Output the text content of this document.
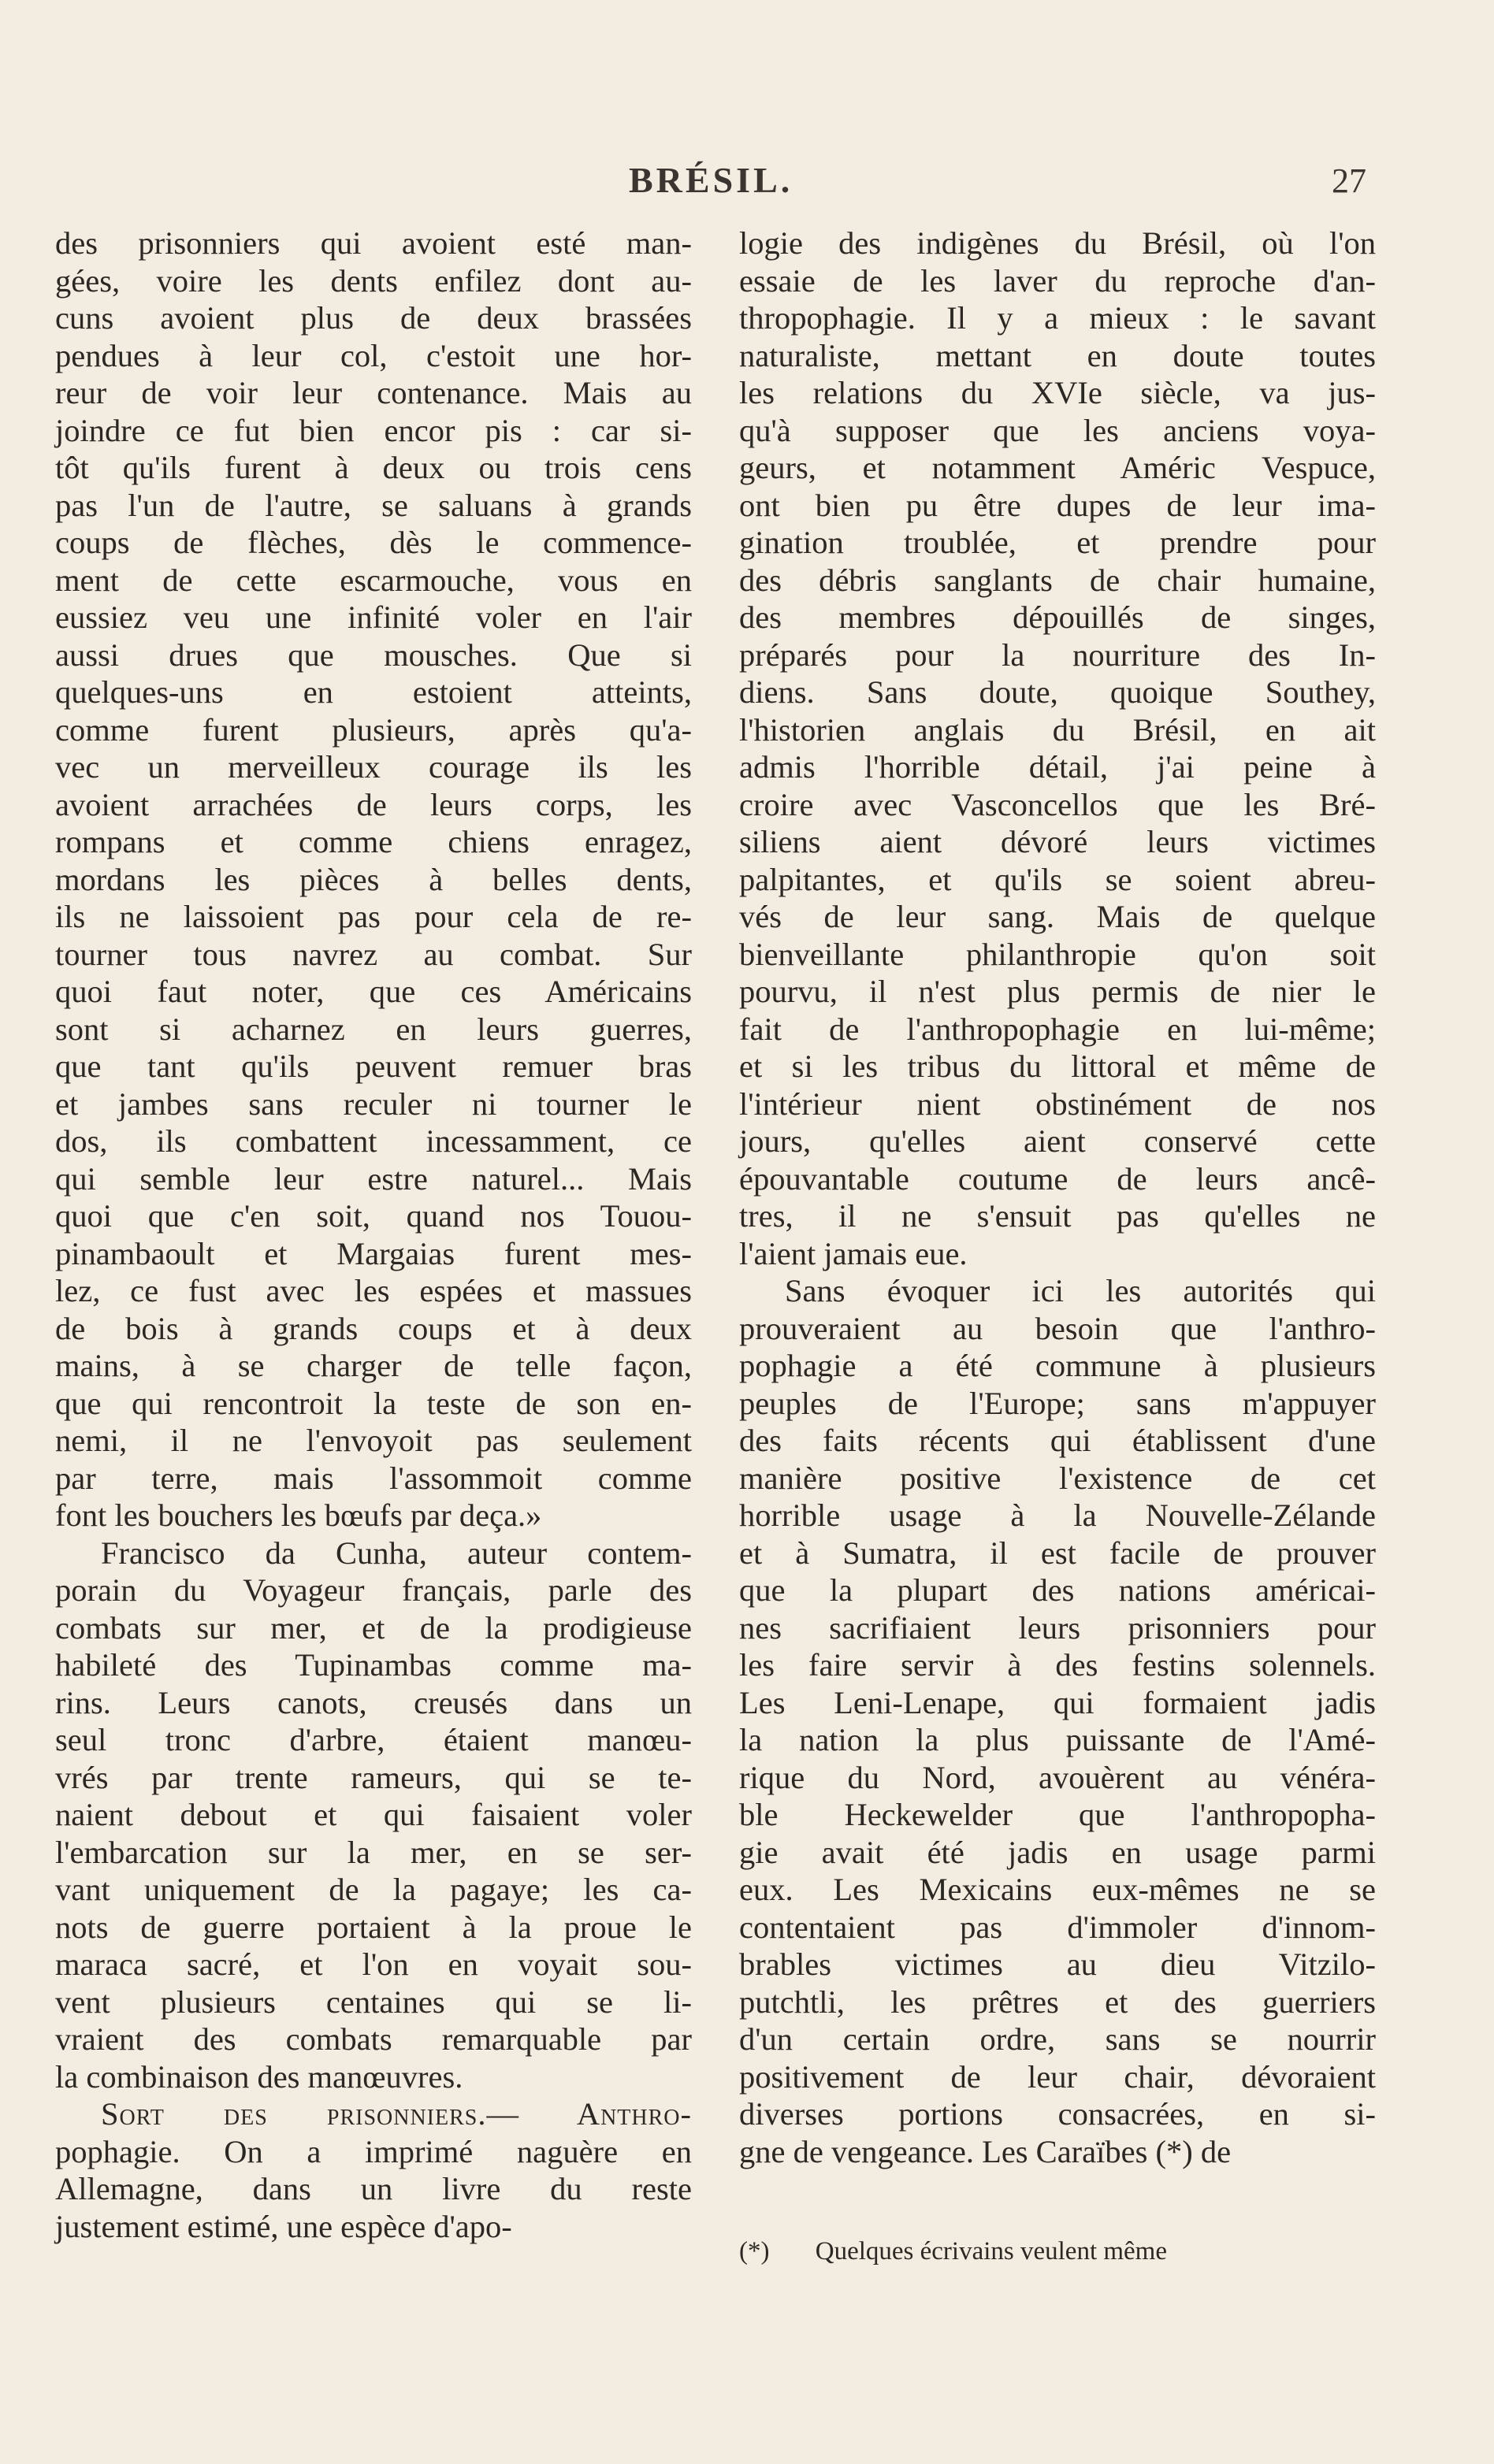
BRÉSIL.	27
des prisonniers qui avoient esté man-
gées, voire les dents enfilez dont au-
cuns avoient plus de deux brassées
pendues à leur col, c'estoit une hor-
reur de voir leur contenance. Mais au
joindre ce fut bien encor pis : car si-
tôt qu'ils furent à deux ou trois cens
pas l'un de l'autre, se saluans à grands
coups de flèches, dès le commence-
ment de cette escarmouche, vous en
eussiez veu une infinité voler en l'air
aussi drues que mousches. Que si
quelques-uns en estoient atteints,
comme furent plusieurs, après qu'a-
vec un merveilleux courage ils les
avoient arrachées de leurs corps, les
rompans et comme chiens enragez,
mordans les pièces à belles dents,
ils ne laissoient pas pour cela de re-
tourner tous navrez au combat. Sur
quoi faut noter, que ces Américains
sont si acharnez en leurs guerres,
que tant qu'ils peuvent remuer bras
et jambes sans reculer ni tourner le
dos, ils combattent incessamment, ce
qui semble leur estre naturel... Mais
quoi que c'en soit, quand nos Touou-
pinambaoult et Margaias furent mes-
lez, ce fust avec les espées et massues
de bois à grands coups et à deux
mains, à se charger de telle façon,
que qui rencontroit la teste de son en-
nemi, il ne l'envoyoit pas seulement
par terre, mais l'assommoit comme
font les bouchers les bœufs par deça.»
Francisco da Cunha, auteur contem-
porain du Voyageur français, parle des
combats sur mer, et de la prodigieuse
habileté des Tupinambas comme ma-
rins. Leurs canots, creusés dans un
seul tronc d'arbre, étaient manœu-
vrés par trente rameurs, qui se te-
naient debout et qui faisaient voler
l'embarcation sur la mer, en se ser-
vant uniquement de la pagaye; les ca-
nots de guerre portaient à la proue le
maraca sacré, et l'on en voyait sou-
vent plusieurs centaines qui se li-
vraient des combats remarquable par
la combinaison des manœuvres.
Sort des prisonniers.— Anthro-
pophagie. On a imprimé naguère en
Allemagne, dans un livre du reste
justement estimé, une espèce d'apo-
logie des indigènes du Brésil, où l'on
essaie de les laver du reproche d'an-
thropophagie. Il y a mieux : le savant
naturaliste, mettant en doute toutes
les relations du XVIe siècle, va jus-
qu'à supposer que les anciens voya-
geurs, et notamment Améric Vespuce,
ont bien pu être dupes de leur ima-
gination troublée, et prendre pour
des débris sanglants de chair humaine,
des membres dépouillés de singes,
préparés pour la nourriture des In-
diens. Sans doute, quoique Southey,
l'historien anglais du Brésil, en ait
admis l'horrible détail, j'ai peine à
croire avec Vasconcellos que les Bré-
siliens aient dévoré leurs victimes
palpitantes, et qu'ils se soient abreu-
vés de leur sang. Mais de quelque
bienveillante philanthropie qu'on soit
pourvu, il n'est plus permis de nier le
fait de l'anthropophagie en lui-même;
et si les tribus du littoral et même de
l'intérieur nient obstinément de nos
jours, qu'elles aient conservé cette
épouvantable coutume de leurs ancê-
tres, il ne s'ensuit pas qu'elles ne
l'aient jamais eue.
Sans évoquer ici les autorités qui
prouveraient au besoin que l'anthro-
pophagie a été commune à plusieurs
peuples de l'Europe; sans m'appuyer
des faits récents qui établissent d'une
manière positive l'existence de cet
horrible usage à la Nouvelle-Zélande
et à Sumatra, il est facile de prouver
que la plupart des nations américai-
nes sacrifiaient leurs prisonniers pour
les faire servir à des festins solennels.
Les Leni-Lenape, qui formaient jadis
la nation la plus puissante de l'Amé-
rique du Nord, avouèrent au vénéra-
ble Heckewelder que l'anthropopha-
gie avait été jadis en usage parmi
eux. Les Mexicains eux-mêmes ne se
contentaient pas d'immoler d'innom-
brables victimes au dieu Vitzilo-
putchtli, les prêtres et des guerriers
d'un certain ordre, sans se nourrir
positivement de leur chair, dévoraient
diverses portions consacrées, en si-
gne de vengeance. Les Caraïbes (*) de
(*) Quelques écrivains veulent même
